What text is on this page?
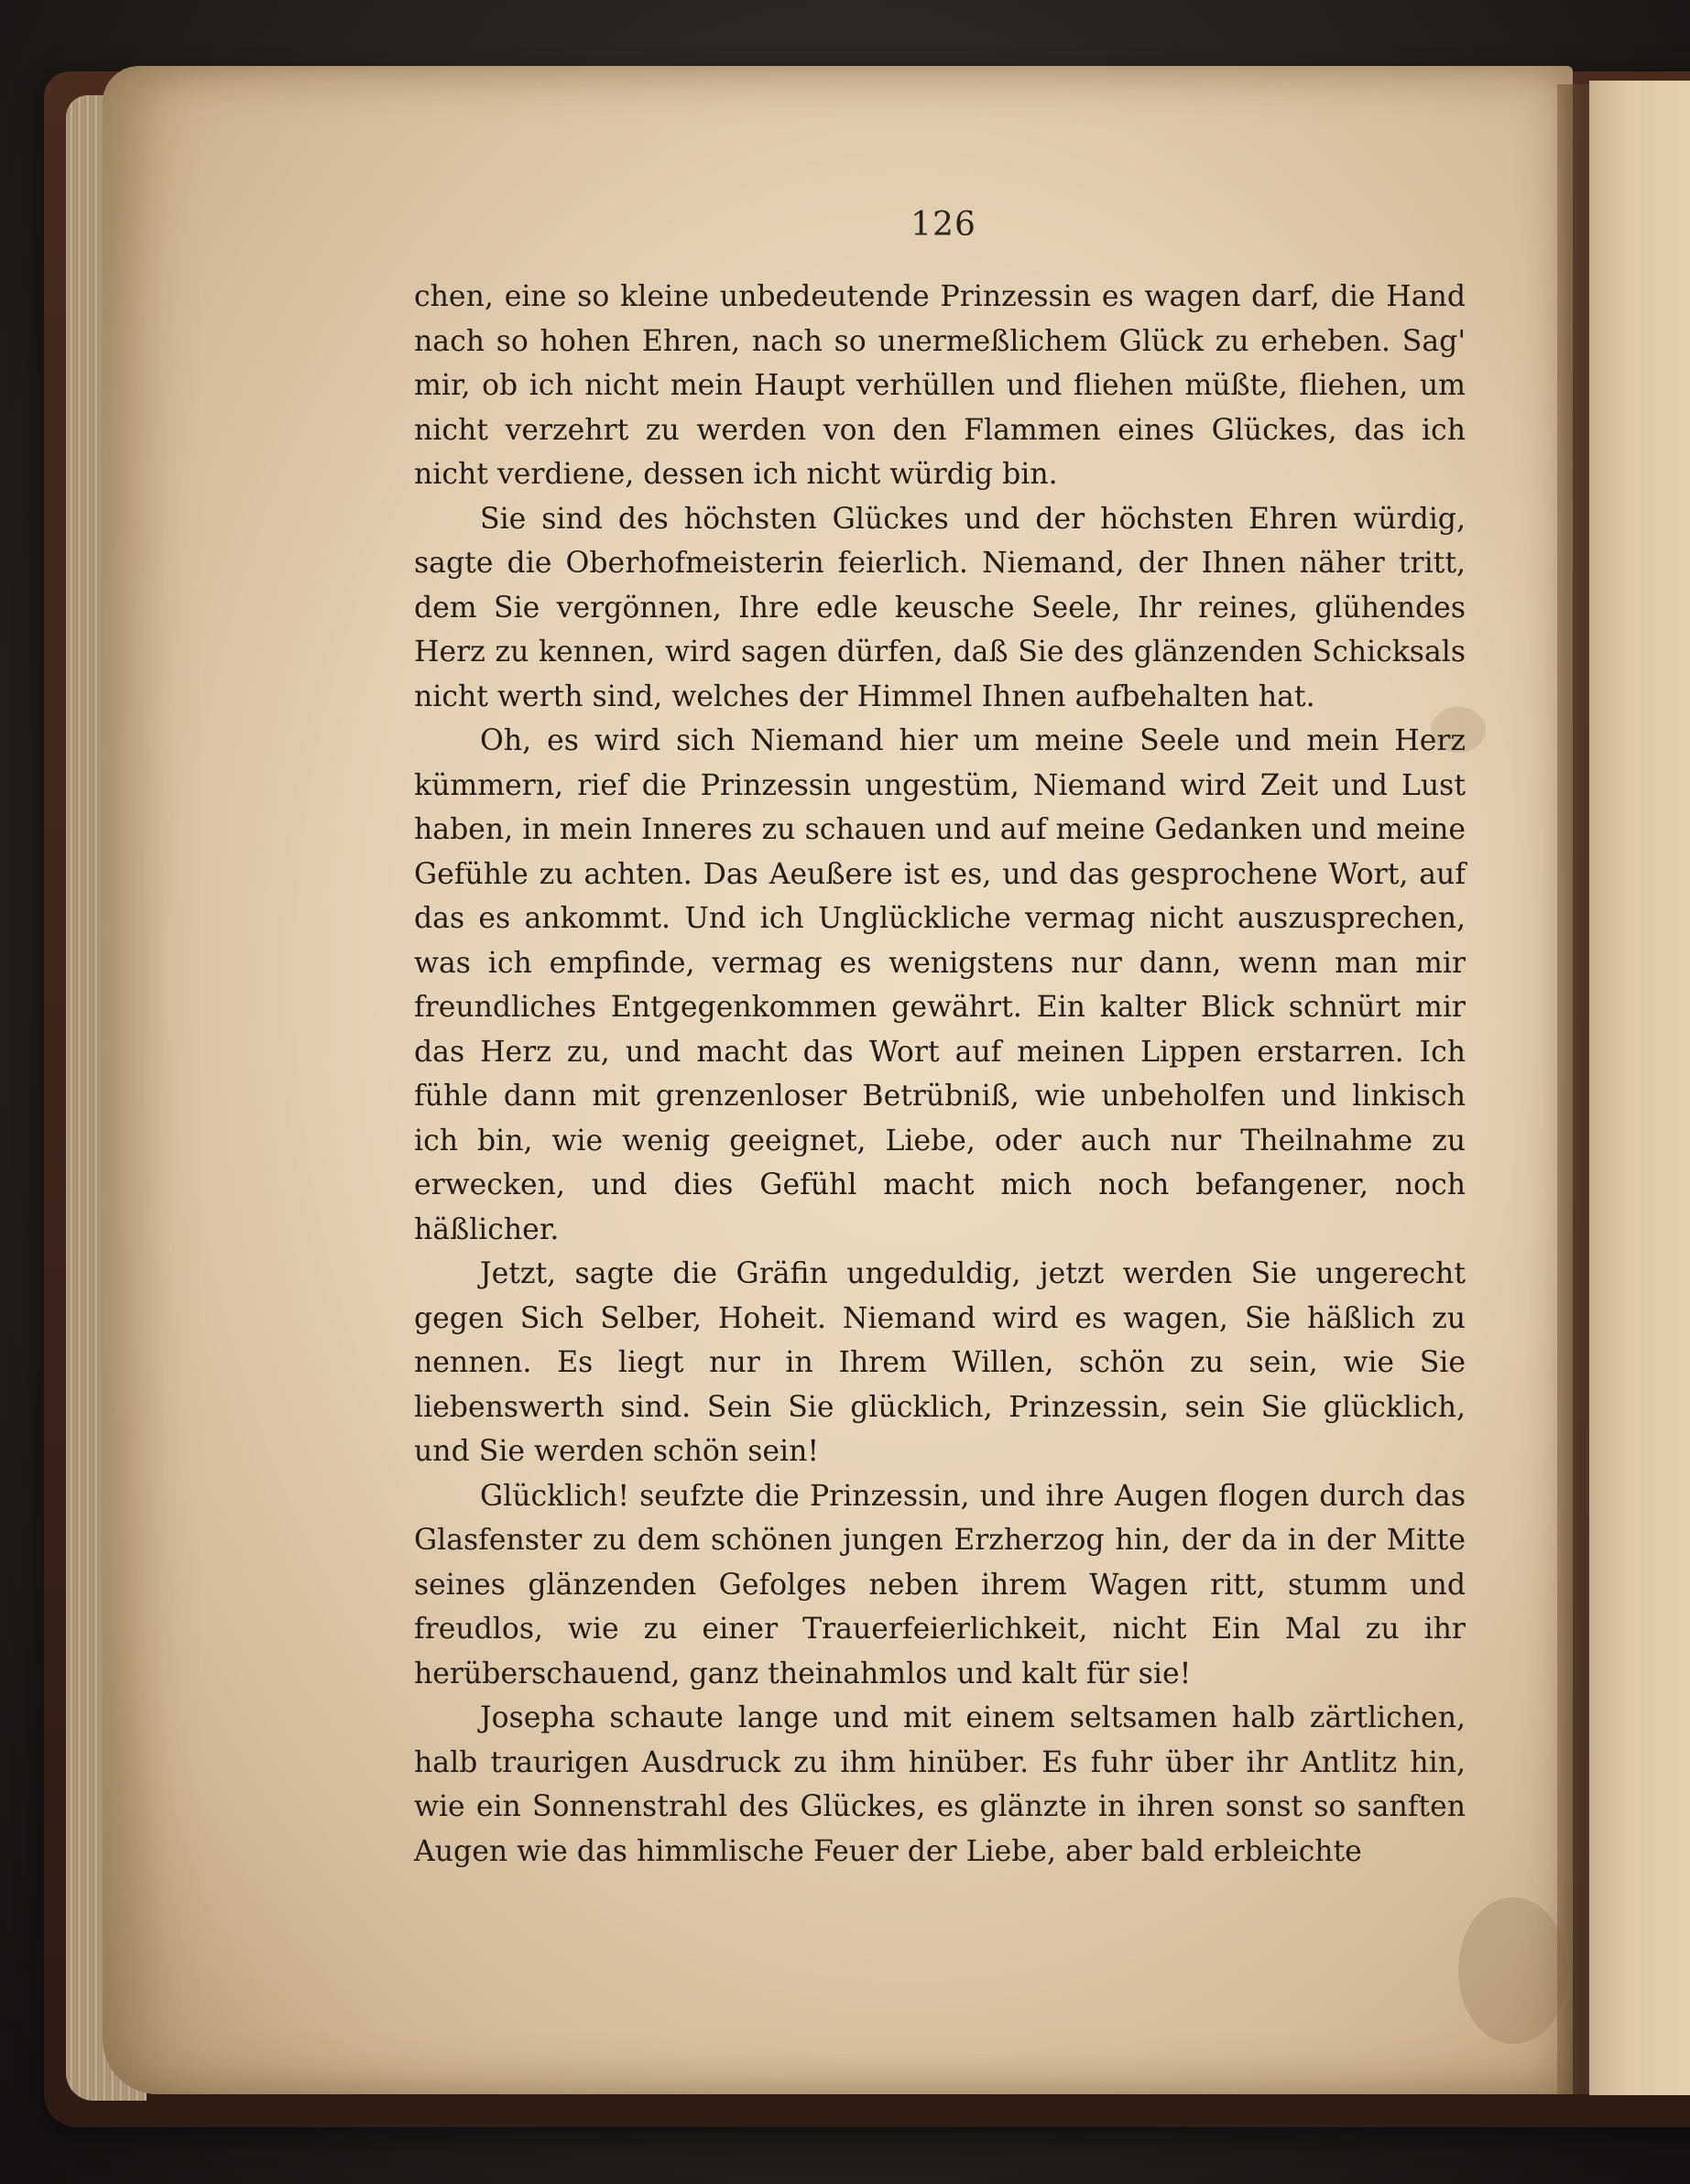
126

chen, eine so kleine unbedeutende Prinzessin es wagen darf, die Hand nach so hohen Ehren, nach so unermeßlichem Glück zu erheben. Sag' mir, ob ich nicht mein Haupt verhüllen und fliehen müßte, fliehen, um nicht verzehrt zu werden von den Flammen eines Glückes, das ich nicht verdiene, dessen ich nicht würdig bin.

Sie sind des höchsten Glückes und der höchsten Ehren würdig, sagte die Oberhofmeisterin feierlich. Niemand, der Ihnen näher tritt, dem Sie vergönnen, Ihre edle keusche Seele, Ihr reines, glühendes Herz zu kennen, wird sagen dürfen, daß Sie des glänzenden Schicksals nicht werth sind, welches der Himmel Ihnen aufbehalten hat.

Oh, es wird sich Niemand hier um meine Seele und mein Herz kümmern, rief die Prinzessin ungestüm, Niemand wird Zeit und Lust haben, in mein Inneres zu schauen und auf meine Gedanken und meine Gefühle zu achten. Das Aeußere ist es, und das gesprochene Wort, auf das es ankommt. Und ich Unglückliche vermag nicht auszusprechen, was ich empfinde, vermag es wenigstens nur dann, wenn man mir freundliches Entgegenkommen gewährt. Ein kalter Blick schnürt mir das Herz zu, und macht das Wort auf meinen Lippen erstarren. Ich fühle dann mit grenzenloser Betrübniß, wie unbeholfen und linkisch ich bin, wie wenig geeignet, Liebe, oder auch nur Theilnahme zu erwecken, und dies Gefühl macht mich noch befangener, noch häßlicher.

Jetzt, sagte die Gräfin ungeduldig, jetzt werden Sie ungerecht gegen Sich Selber, Hoheit. Niemand wird es wagen, Sie häßlich zu nennen. Es liegt nur in Ihrem Willen, schön zu sein, wie Sie liebenswerth sind. Sein Sie glücklich, Prinzessin, sein Sie glücklich, und Sie werden schön sein!

Glücklich! seufzte die Prinzessin, und ihre Augen flogen durch das Glasfenster zu dem schönen jungen Erzherzog hin, der da in der Mitte seines glänzenden Gefolges neben ihrem Wagen ritt, stumm und freudlos, wie zu einer Trauerfeierlichkeit, nicht Ein Mal zu ihr herüberschauend, ganz theinahmlos und kalt für sie!

Josepha schaute lange und mit einem seltsamen halb zärtlichen, halb traurigen Ausdruck zu ihm hinüber. Es fuhr über ihr Antlitz hin, wie ein Sonnenstrahl des Glückes, es glänzte in ihren sonst so sanften Augen wie das himmlische Feuer der Liebe, aber bald erbleichte
